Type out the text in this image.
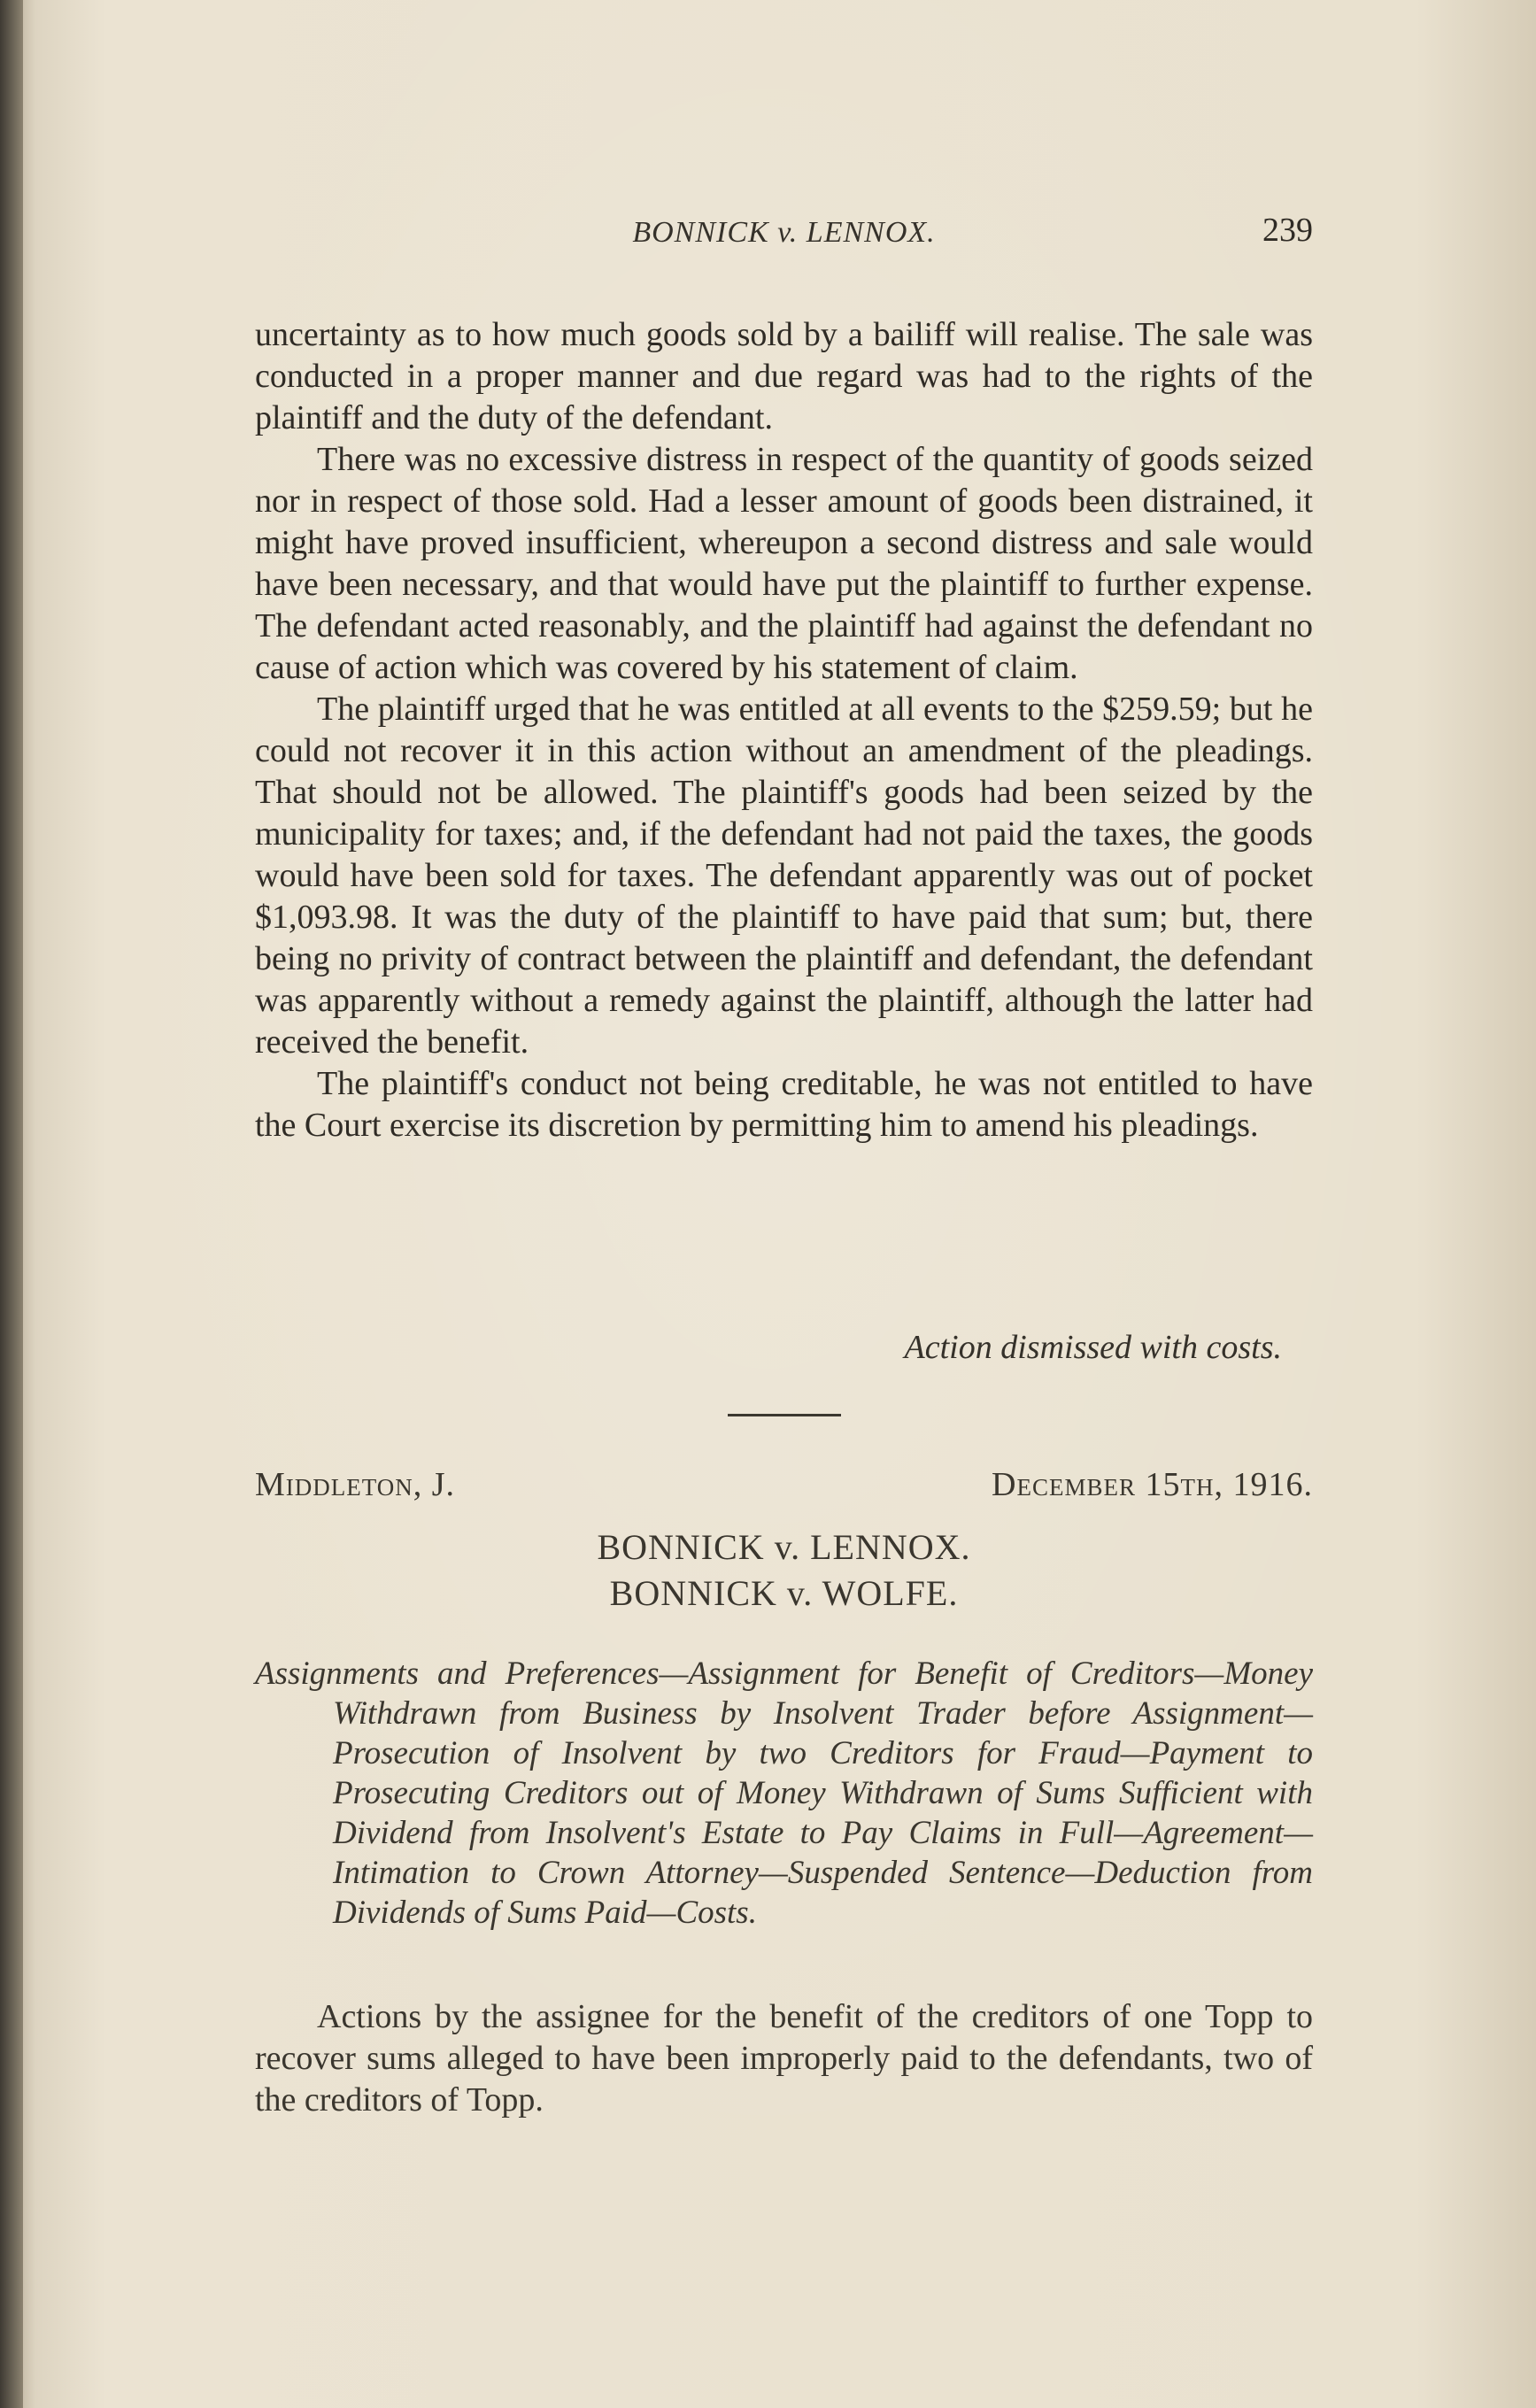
BONNICK v. LENNOX.	239

uncertainty as to how much goods sold by a bailiff will realise. The sale was conducted in a proper manner and due regard was had to the rights of the plaintiff and the duty of the defendant.

There was no excessive distress in respect of the quantity of goods seized nor in respect of those sold. Had a lesser amount of goods been distrained, it might have proved insufficient, whereupon a second distress and sale would have been necessary, and that would have put the plaintiff to further expense. The defendant acted reasonably, and the plaintiff had against the defendant no cause of action which was covered by his statement of claim.

The plaintiff urged that he was entitled at all events to the $259.59; but he could not recover it in this action without an amendment of the pleadings. That should not be allowed. The plaintiff's goods had been seized by the municipality for taxes; and, if the defendant had not paid the taxes, the goods would have been sold for taxes. The defendant apparently was out of pocket $1,093.98. It was the duty of the plaintiff to have paid that sum; but, there being no privity of contract between the plaintiff and defendant, the defendant was apparently without a remedy against the plaintiff, although the latter had received the benefit.

The plaintiff's conduct not being creditable, he was not entitled to have the Court exercise its discretion by permitting him to amend his pleadings.

Action dismissed with costs.
Middleton, J.	December 15th, 1916.
BONNICK v. LENNOX.
BONNICK v. WOLFE.
Assignments and Preferences—Assignment for Benefit of Creditors—Money Withdrawn from Business by Insolvent Trader before Assignment—Prosecution of Insolvent by two Creditors for Fraud—Payment to Prosecuting Creditors out of Money Withdrawn of Sums Sufficient with Dividend from Insolvent's Estate to Pay Claims in Full—Agreement—Intimation to Crown Attorney—Suspended Sentence—Deduction from Dividends of Sums Paid—Costs.
Actions by the assignee for the benefit of the creditors of one Topp to recover sums alleged to have been improperly paid to the defendants, two of the creditors of Topp.
